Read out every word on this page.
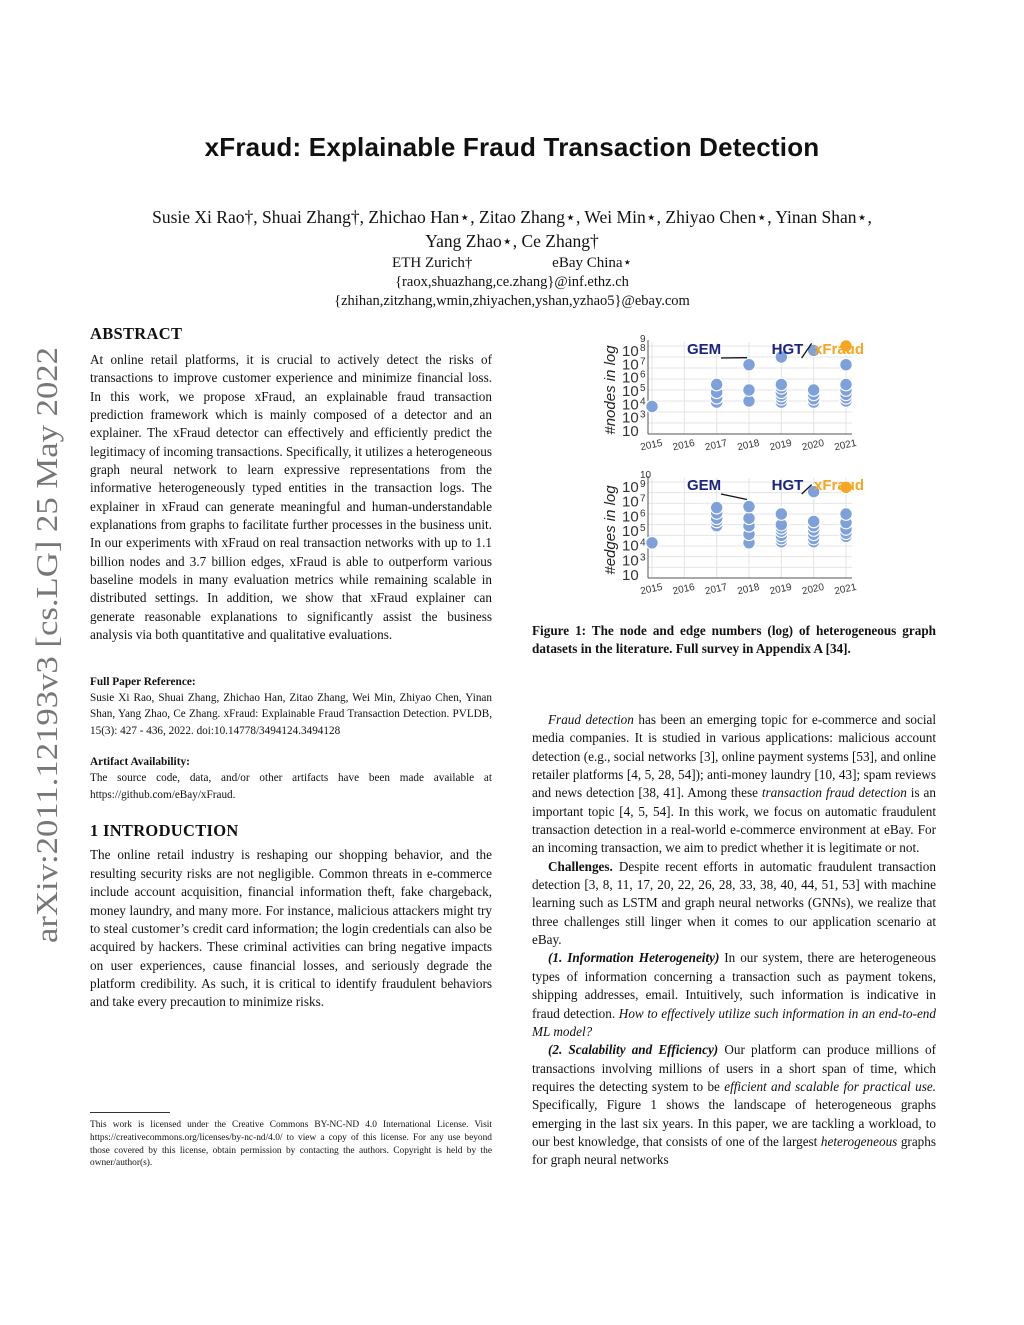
arXiv:2011.12193v3 [cs.LG] 25 May 2022
xFraud: Explainable Fraud Transaction Detection
Susie Xi Rao†, Shuai Zhang†, Zhichao Han⋆, Zitao Zhang⋆, Wei Min⋆, Zhiyao Chen⋆, Yinan Shan⋆,
Yang Zhao⋆, Ce Zhang†
ETH Zurich†	eBay China⋆
{raox,shuazhang,ce.zhang}@inf.ethz.ch
{zhihan,zitzhang,wmin,zhiyachen,yshan,yzhao5}@ebay.com
ABSTRACT

At online retail platforms, it is crucial to actively detect the risks of transactions to improve customer experience and minimize financial loss. In this work, we propose xFraud, an explainable fraud transaction prediction framework which is mainly composed of a detector and an explainer. The xFraud detector can effectively and efficiently predict the legitimacy of incoming transactions. Specifically, it utilizes a heterogeneous graph neural network to learn expressive representations from the informative heterogeneously typed entities in the transaction logs. The explainer in xFraud can generate meaningful and human-understandable explanations from graphs to facilitate further processes in the business unit. In our experiments with xFraud on real transaction networks with up to 1.1 billion nodes and 3.7 billion edges, xFraud is able to outperform various baseline models in many evaluation metrics while remaining scalable in distributed settings. In addition, we show that xFraud explainer can generate reasonable explanations to significantly assist the business analysis via both quantitative and qualitative evaluations.

Full Paper Reference:

Susie Xi Rao, Shuai Zhang, Zhichao Han, Zitao Zhang, Wei Min, Zhiyao Chen, Yinan Shan, Yang Zhao, Ce Zhang. xFraud: Explainable Fraud Transaction Detection. PVLDB, 15(3): 427 - 436, 2022. doi:10.14778/3494124.3494128

Artifact Availability:

The source code, data, and/or other artifacts have been made available at https://github.com/eBay/xFraud.

1 INTRODUCTION

The online retail industry is reshaping our shopping behavior, and the resulting security risks are not negligible. Common threats in e-commerce include account acquisition, financial information theft, fake chargeback, money laundry, and many more. For instance, malicious attackers might try to steal customer’s credit card information; the login credentials can also be acquired by hackers. These criminal activities can bring negative impacts on user experiences, cause financial losses, and seriously degrade the platform credibility. As such, it is critical to identify fraudulent behaviors and take every precaution to minimize risks.

This work is licensed under the Creative Commons BY-NC-ND 4.0 International License. Visit https://creativecommons.org/licenses/by-nc-nd/4.0/ to view a copy of this license. For any use beyond those covered by this license, obtain permission by contacting the authors. Copyright is held by the owner/author(s).
10
10 3
10 4
10 5
10 6
10 7
10 8
9
#nodes in log
2015 2016 2017 2018 2019 2020 2021
GEM	HGT xFraud
10
10 3
10 4
10 5
10 6
10 7
10 9
10
#edges in log
2015 2016 2017 2018 2019 2020 2021
GEM	HGT xFraud
Figure 1: The node and edge numbers (log) of heterogeneous graph datasets in the literature. Full survey in Appendix A [34].

Fraud detection has been an emerging topic for e-commerce and social media companies. It is studied in various applications: malicious account detection (e.g., social networks [3], online payment systems [53], and online retailer platforms [4, 5, 28, 54]); anti-money laundry [10, 43]; spam reviews and news detection [38, 41]. Among these transaction fraud detection is an important topic [4, 5, 54]. In this work, we focus on automatic fraudulent transaction detection in a real-world e-commerce environment at eBay. For an incoming transaction, we aim to predict whether it is legitimate or not.

Challenges. Despite recent efforts in automatic fraudulent transaction detection [3, 8, 11, 17, 20, 22, 26, 28, 33, 38, 40, 44, 51, 53] with machine learning such as LSTM and graph neural networks (GNNs), we realize that three challenges still linger when it comes to our application scenario at eBay.

(1. Information Heterogeneity) In our system, there are heterogeneous types of information concerning a transaction such as payment tokens, shipping addresses, email. Intuitively, such information is indicative in fraud detection. How to effectively utilize such information in an end-to-end ML model?

(2. Scalability and Efficiency) Our platform can produce millions of transactions involving millions of users in a short span of time, which requires the detecting system to be efficient and scalable for practical use. Specifically, Figure 1 shows the landscape of heterogeneous graphs emerging in the last six years. In this paper, we are tackling a workload, to our best knowledge, that consists of one of the largest heterogeneous graphs for graph neural networks
